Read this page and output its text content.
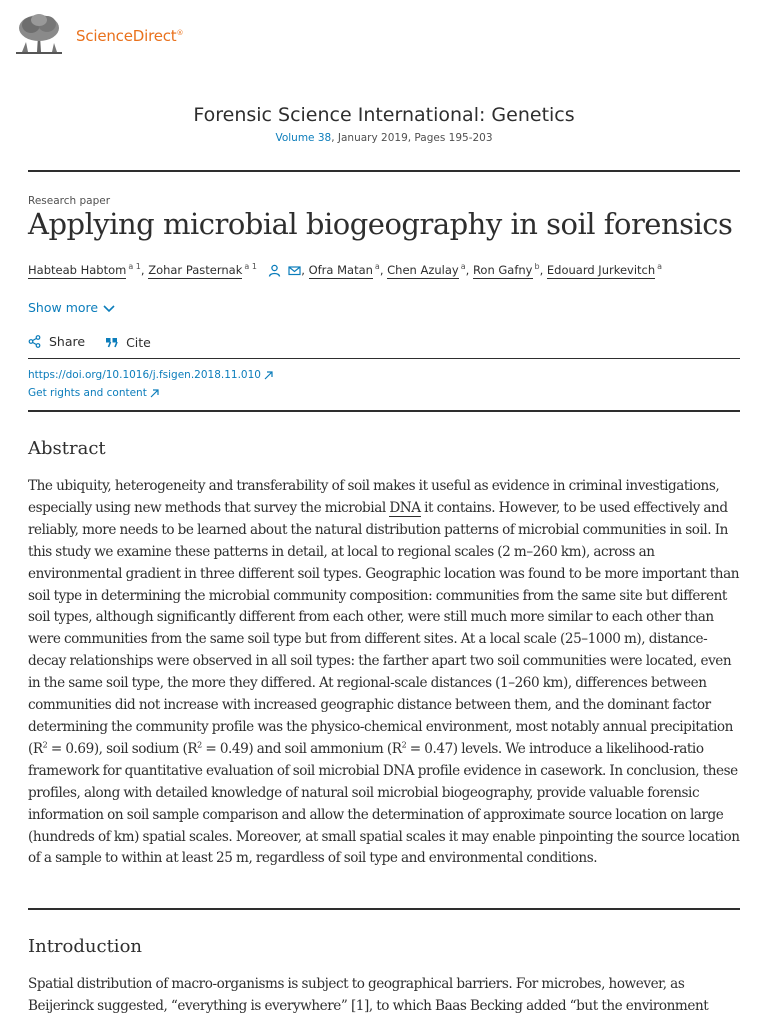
ScienceDirect®
Forensic Science International: Genetics
Volume 38, January 2019, Pages 195-203
Research paper
Applying microbial biogeography in soil forensics
Habteab Habtom $^{a 1}$, Zohar Pasternak $^{a 1}$	, Ofra Matan $^a$, Chen Azulay $^a$, Ron Gafny $^b$, Edouard Jurkevitch $^a$
Show more
Share
	Cite
https://doi.org/10.1016/j.fsigen.2018.11.010
Get rights and content
Abstract
The ubiquity, heterogeneity and transferability of soil makes it useful as evidence in criminal investigations, especially using new methods that survey the microbial DNA it contains. However, to be used effectively and reliably, more needs to be learned about the natural distribution patterns of microbial communities in soil. In this study we examine these patterns in detail, at local to regional scales (2 m–260 km), across an environmental gradient in three different soil types. Geographic location was found to be more important than soil type in determining the microbial community composition: communities from the same site but different soil types, although significantly different from each other, were still much more similar to each other than were communities from the same soil type but from different sites. At a local scale (25–1000 m), distance-decay relationships were observed in all soil types: the farther apart two soil communities were located, even in the same soil type, the more they differed. At regional-scale distances (1–260 km), differences between communities did not increase with increased geographic distance between them, and the dominant factor determining the community profile was the physico-chemical environment, most notably annual precipitation $(R^2 = 0.69)$, soil sodium $(R^2 = 0.49)$ and soil ammonium $(R^2 = 0.47)$ levels. We introduce a likelihood-ratio framework for quantitative evaluation of soil microbial DNA profile evidence in casework. In conclusion, these profiles, along with detailed knowledge of natural soil microbial biogeography, provide valuable forensic information on soil sample comparison and allow the determination of approximate source location on large (hundreds of km) spatial scales. Moreover, at small spatial scales it may enable pinpointing the source location of a sample to within at least 25 m, regardless of soil type and environmental conditions.
Introduction
Spatial distribution of macro-organisms is subject to geographical barriers. For microbes, however, as Beijerinck suggested, “everything is everywhere” [1], to which Baas Becking added “but the environment
